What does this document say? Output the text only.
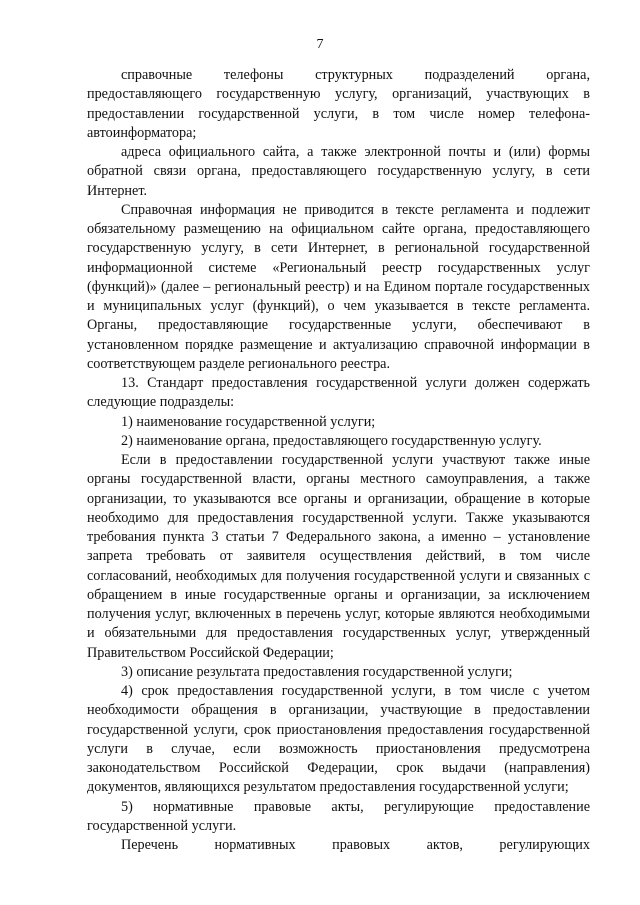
7

справочные телефоны структурных подразделений органа, предоставляющего государственную услугу, организаций, участвующих в предоставлении государственной услуги, в том числе номер телефона-автоинформатора;

адреса официального сайта, а также электронной почты и (или) формы обратной связи органа, предоставляющего государственную услугу, в сети Интернет.

Справочная информация не приводится в тексте регламента и подлежит обязательному размещению на официальном сайте органа, предоставляющего государственную услугу, в сети Интернет, в региональной государственной информационной системе «Региональный реестр государственных услуг (функций)» (далее – региональный реестр) и на Едином портале государственных и муниципальных услуг (функций), о чем указывается в тексте регламента. Органы, предоставляющие государственные услуги, обеспечивают в установленном порядке размещение и актуализацию справочной информации в соответствующем разделе регионального реестра.

13. Стандарт предоставления государственной услуги должен содержать следующие подразделы:

1) наименование государственной услуги;

2) наименование органа, предоставляющего государственную услугу.

Если в предоставлении государственной услуги участвуют также иные органы государственной власти, органы местного самоуправления, а также организации, то указываются все органы и организации, обращение в которые необходимо для предоставления государственной услуги. Также указываются требования пункта 3 статьи 7 Федерального закона, а именно – установление запрета требовать от заявителя осуществления действий, в том числе согласований, необходимых для получения государственной услуги и связанных с обращением в иные государственные органы и организации, за исключением получения услуг, включенных в перечень услуг, которые являются необходимыми и обязательными для предоставления государственных услуг, утвержденный Правительством Российской Федерации;

3) описание результата предоставления государственной услуги;

4) срок предоставления государственной услуги, в том числе с учетом необходимости обращения в организации, участвующие в предоставлении государственной услуги, срок приостановления предоставления государственной услуги в случае, если возможность приостановления предусмотрена законодательством Российской Федерации, срок выдачи (направления) документов, являющихся результатом предоставления государственной услуги;

5) нормативные правовые акты, регулирующие предоставление государственной услуги.

Перечень нормативных правовых актов, регулирующих
